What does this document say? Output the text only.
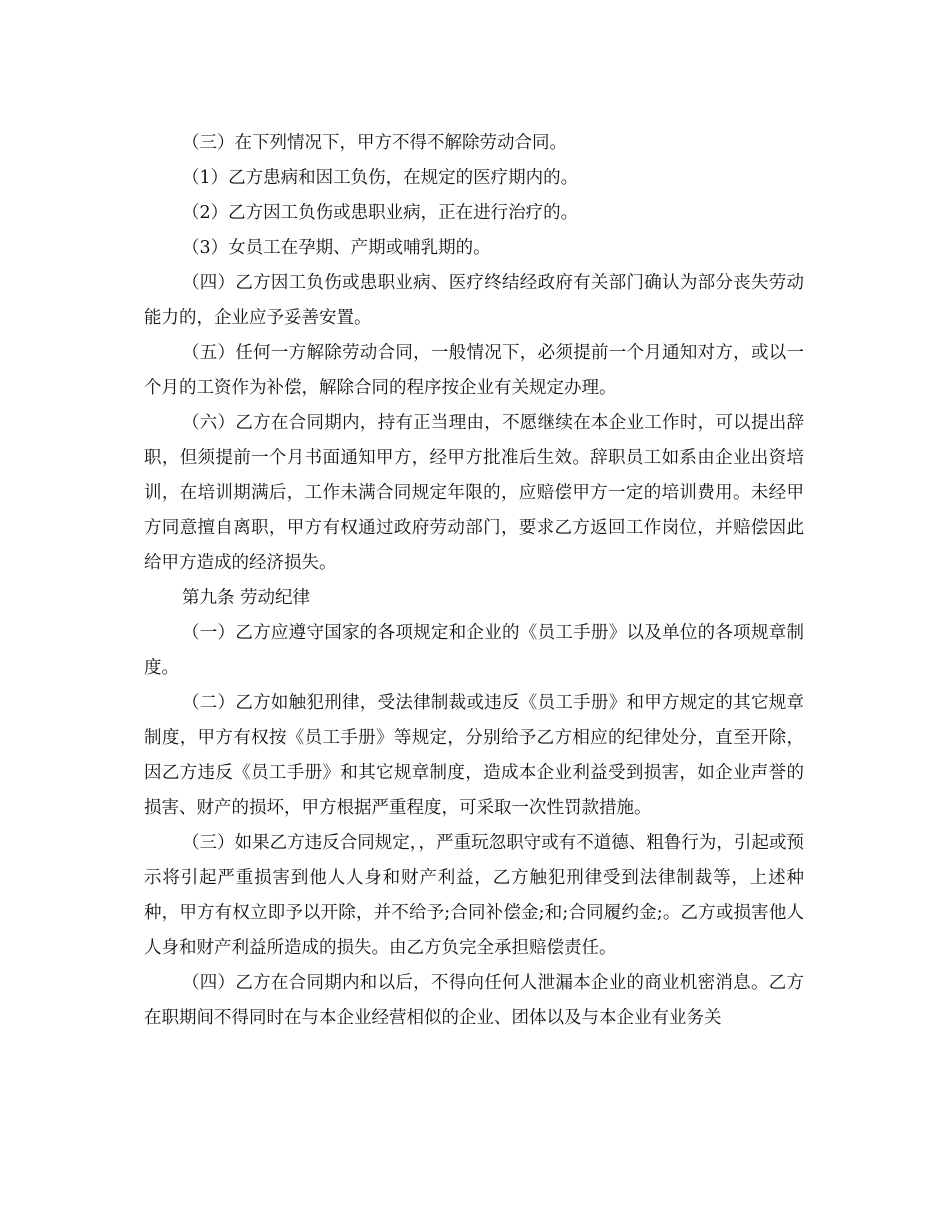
（三）在下列情况下，甲方不得不解除劳动合同。

（1）乙方患病和因工负伤，在规定的医疗期内的。

（2）乙方因工负伤或患职业病，正在进行治疗的。

（3）女员工在孕期、产期或哺乳期的。

（四）乙方因工负伤或患职业病、医疗终结经政府有关部门确认为部分丧失劳动能力的，企业应予妥善安置。

（五）任何一方解除劳动合同，一般情况下，必须提前一个月通知对方，或以一个月的工资作为补偿，解除合同的程序按企业有关规定办理。

（六）乙方在合同期内，持有正当理由，不愿继续在本企业工作时，可以提出辞职，但须提前一个月书面通知甲方，经甲方批准后生效。辞职员工如系由企业出资培训，在培训期满后，工作未满合同规定年限的，应赔偿甲方一定的培训费用。未经甲方同意擅自离职，甲方有权通过政府劳动部门，要求乙方返回工作岗位，并赔偿因此给甲方造成的经济损失。

第九条 劳动纪律

（一）乙方应遵守国家的各项规定和企业的《员工手册》以及单位的各项规章制度。

（二）乙方如触犯刑律，受法律制裁或违反《员工手册》和甲方规定的其它规章制度，甲方有权按《员工手册》等规定，分别给予乙方相应的纪律处分，直至开除，因乙方违反《员工手册》和其它规章制度，造成本企业利益受到损害，如企业声誉的损害、财产的损坏，甲方根据严重程度，可采取一次性罚款措施。

（三）如果乙方违反合同规定，，严重玩忽职守或有不道德、粗鲁行为，引起或预示将引起严重损害到他人人身和财产利益，乙方触犯刑律受到法律制裁等，上述种种，甲方有权立即予以开除，并不给予;合同补偿金;和;合同履约金;。乙方或损害他人人身和财产利益所造成的损失。由乙方负完全承担赔偿责任。

（四）乙方在合同期内和以后，不得向任何人泄漏本企业的商业机密消息。乙方在职期间不得同时在与本企业经营相似的企业、团体以及与本企业有业务关
